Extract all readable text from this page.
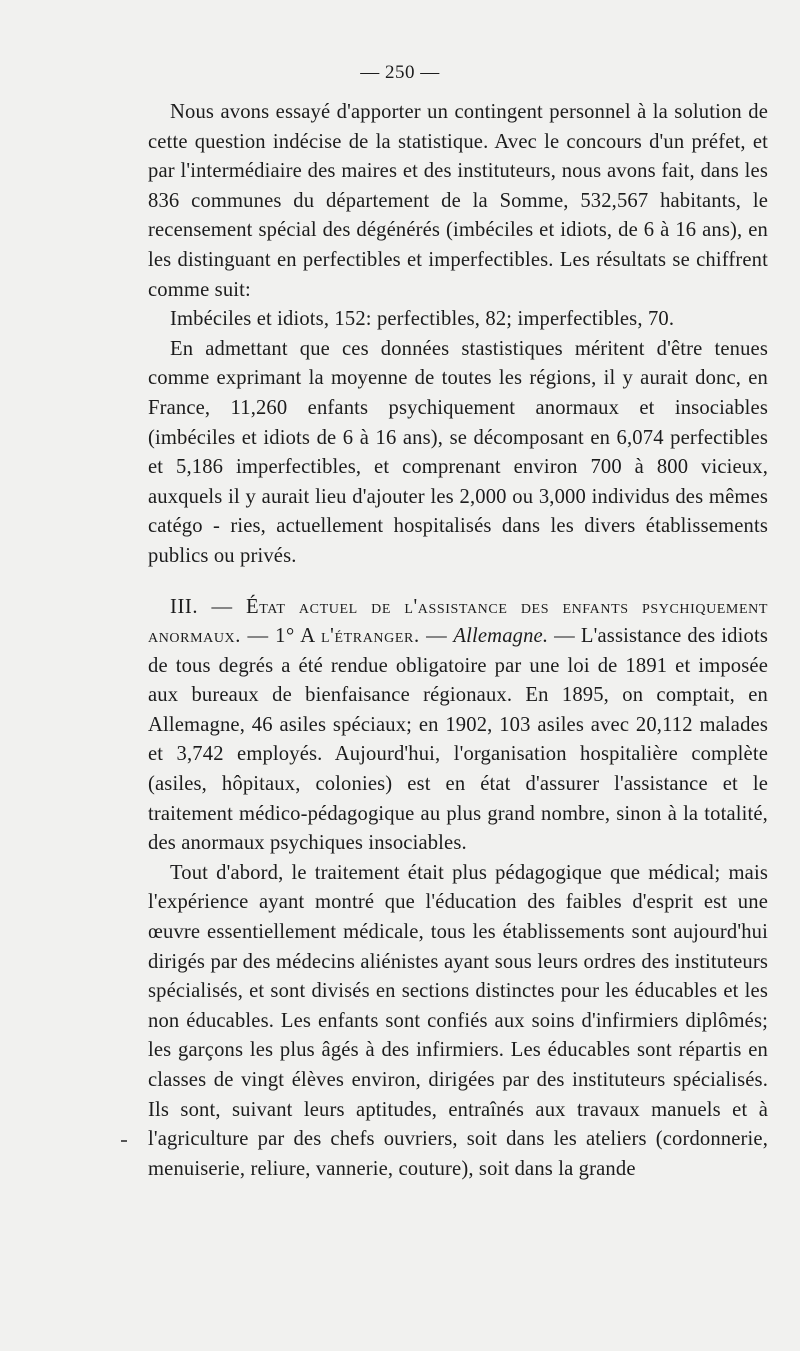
— 250 —

Nous avons essayé d'apporter un contingent personnel à la solution de cette question indécise de la statistique. Avec le concours d'un préfet, et par l'intermédiaire des maires et des instituteurs, nous avons fait, dans les 836 communes du département de la Somme, 532,567 habitants, le recensement spécial des dégénérés (imbéciles et idiots, de 6 à 16 ans), en les distinguant en perfectibles et imperfectibles. Les résultats se chiffrent comme suit:

Imbéciles et idiots, 152: perfectibles, 82; imperfectibles, 70.

En admettant que ces données stastistiques méritent d'être tenues comme exprimant la moyenne de toutes les régions, il y aurait donc, en France, 11,260 enfants psychiquement anormaux et insociables (imbéciles et idiots de 6 à 16 ans), se décomposant en 6,074 perfectibles et 5,186 imperfectibles, et comprenant environ 700 à 800 vicieux, auxquels il y aurait lieu d'ajouter les 2,000 ou 3,000 individus des mêmes catégo - ries, actuellement hospitalisés dans les divers établissements publics ou privés.

III. — État actuel de l'assistance des enfants psychiquement anormaux. — 1° A l'étranger. — Allemagne. — L'assistance des idiots de tous degrés a été rendue obligatoire par une loi de 1891 et imposée aux bureaux de bienfaisance régionaux. En 1895, on comptait, en Allemagne, 46 asiles spéciaux; en 1902, 103 asiles avec 20,112 malades et 3,742 employés. Aujourd'hui, l'organisation hospitalière complète (asiles, hôpitaux, colonies) est en état d'assurer l'assistance et le traitement médico-pédagogique au plus grand nombre, sinon à la totalité, des anormaux psychiques insociables.

Tout d'abord, le traitement était plus pédagogique que médical; mais l'expérience ayant montré que l'éducation des faibles d'esprit est une œuvre essentiellement médicale, tous les établissements sont aujourd'hui dirigés par des médecins aliénistes ayant sous leurs ordres des instituteurs spécialisés, et sont divisés en sections distinctes pour les éducables et les non éducables. Les enfants sont confiés aux soins d'infirmiers diplômés; les garçons les plus âgés à des infirmiers. Les éducables sont répartis en classes de vingt élèves environ, dirigées par des instituteurs spécialisés. Ils sont, suivant leurs aptitudes, entraînés aux travaux manuels et à l'agriculture par des chefs ouvriers, soit dans les ateliers (cordonnerie, menuiserie, reliure, vannerie, couture), soit dans la grande
